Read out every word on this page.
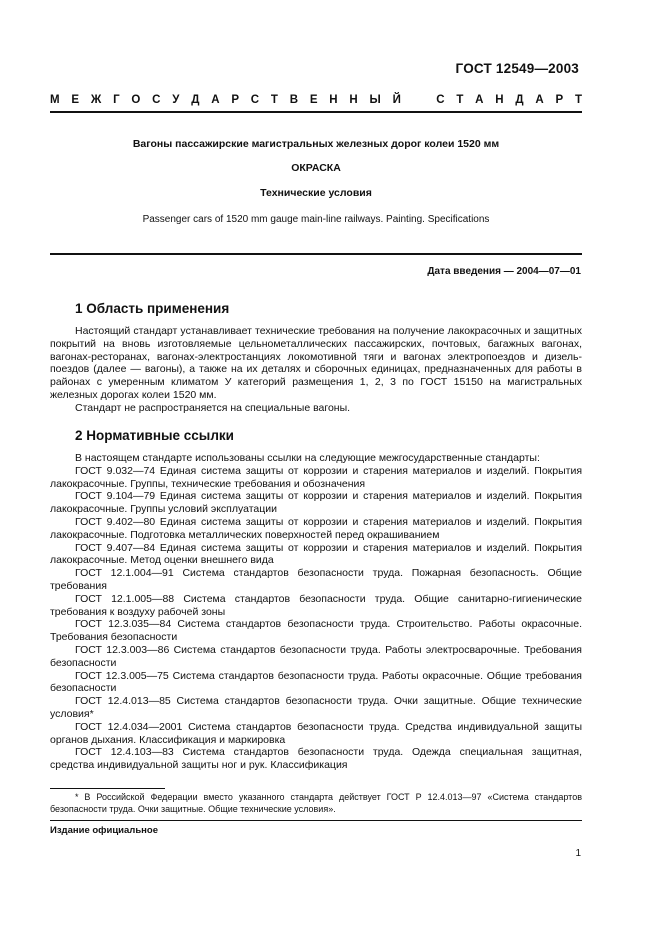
ГОСТ 12549—2003
М Е Ж Г О С У Д А Р С Т В Е Н Н Ы Й	С Т А Н Д А Р Т
Вагоны пассажирские магистральных железных дорог колеи 1520 мм
ОКРАСКА
Технические условия
Passenger cars of 1520 mm gauge main-line railways. Painting. Specifications
Дата введения — 2004—07—01
1 Область применения

Настоящий стандарт устанавливает технические требования на получение лакокрасочных и защитных покрытий на вновь изготовляемые цельнометаллических пассажирских, почтовых, багажных вагонах, вагонах-ресторанах, вагонах-электростанциях локомотивной тяги и вагонах электропоездов и дизель-поездов (далее — вагоны), а также на их деталях и сборочных единицах, предназначенных для работы в районах с умеренным климатом У категорий размещения 1, 2, 3 по ГОСТ 15150 на магистральных железных дорогах колеи 1520 мм.

Стандарт не распространяется на специальные вагоны.

2 Нормативные ссылки

В настоящем стандарте использованы ссылки на следующие межгосударственные стандарты:

ГОСТ 9.032—74 Единая система защиты от коррозии и старения материалов и изделий. Покрытия лакокрасочные. Группы, технические требования и обозначения

ГОСТ 9.104—79 Единая система защиты от коррозии и старения материалов и изделий. Покрытия лакокрасочные. Группы условий эксплуатации

ГОСТ 9.402—80 Единая система защиты от коррозии и старения материалов и изделий. Покрытия лакокрасочные. Подготовка металлических поверхностей перед окрашиванием

ГОСТ 9.407—84 Единая система защиты от коррозии и старения материалов и изделий. Покрытия лакокрасочные. Метод оценки внешнего вида

ГОСТ 12.1.004—91 Система стандартов безопасности труда. Пожарная безопасность. Общие требования

ГОСТ 12.1.005—88 Система стандартов безопасности труда. Общие санитарно-гигиенические требования к воздуху рабочей зоны

ГОСТ 12.3.035—84 Система стандартов безопасности труда. Строительство. Работы окрасочные. Требования безопасности

ГОСТ 12.3.003—86 Система стандартов безопасности труда. Работы электросварочные. Требования безопасности

ГОСТ 12.3.005—75 Система стандартов безопасности труда. Работы окрасочные. Общие требования безопасности

ГОСТ 12.4.013—85 Система стандартов безопасности труда. Очки защитные. Общие технические условия*

ГОСТ 12.4.034—2001 Система стандартов безопасности труда. Средства индивидуальной защиты органов дыхания. Классификация и маркировка

ГОСТ 12.4.103—83 Система стандартов безопасности труда. Одежда специальная защитная, средства индивидуальной защиты ног и рук. Классификация

* В Российской Федерации вместо указанного стандарта действует ГОСТ Р 12.4.013—97 «Система стандартов безопасности труда. Очки защитные. Общие технические условия».

Издание официальное
1
